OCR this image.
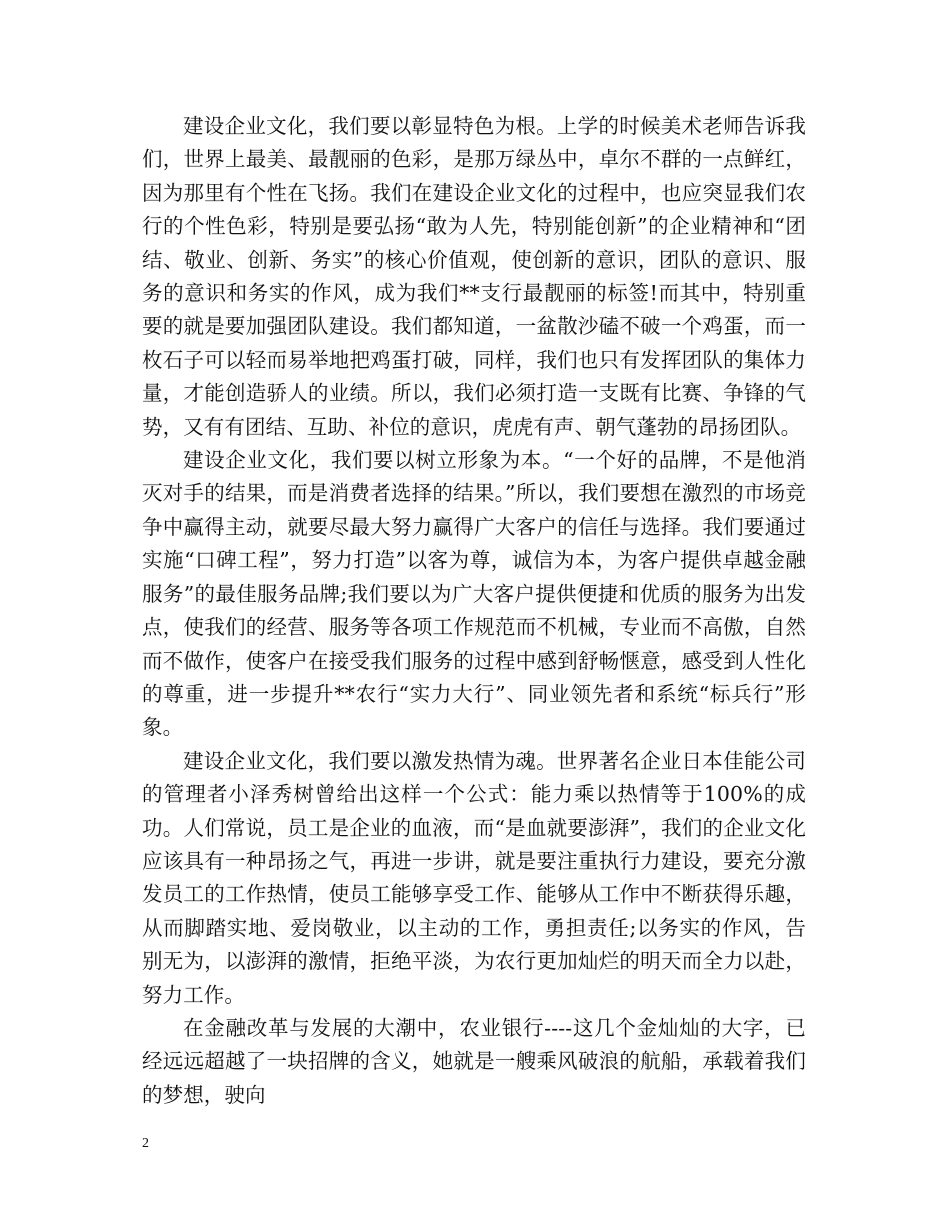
建设企业文化，我们要以彰显特色为根。上学的时候美术老师告诉我们，世界上最美、最靓丽的色彩，是那万绿丛中，卓尔不群的一点鲜红，因为那里有个性在飞扬。我们在建设企业文化的过程中，也应突显我们农行的个性色彩，特别是要弘扬“敢为人先，特别能创新”的企业精神和“团结、敬业、创新、务实”的核心价值观，使创新的意识，团队的意识、服务的意识和务实的作风，成为我们**支行最靓丽的标签!而其中，特别重要的就是要加强团队建设。我们都知道，一盆散沙磕不破一个鸡蛋，而一枚石子可以轻而易举地把鸡蛋打破，同样，我们也只有发挥团队的集体力量，才能创造骄人的业绩。所以，我们必须打造一支既有比赛、争锋的气势，又有有团结、互助、补位的意识，虎虎有声、朝气蓬勃的昂扬团队。

建设企业文化，我们要以树立形象为本。“一个好的品牌，不是他消灭对手的结果，而是消费者选择的结果。”所以，我们要想在激烈的市场竞争中赢得主动，就要尽最大努力赢得广大客户的信任与选择。我们要通过实施“口碑工程”，努力打造”以客为尊，诚信为本，为客户提供卓越金融服务”的最佳服务品牌;我们要以为广大客户提供便捷和优质的服务为出发点，使我们的经营、服务等各项工作规范而不机械，专业而不高傲，自然而不做作，使客户在接受我们服务的过程中感到舒畅惬意，感受到人性化的尊重，进一步提升**农行“实力大行”、同业领先者和系统“标兵行”形象。

建设企业文化，我们要以激发热情为魂。世界著名企业日本佳能公司的管理者小泽秀树曾给出这样一个公式：能力乘以热情等于100%的成功。人们常说，员工是企业的血液，而“是血就要澎湃”，我们的企业文化应该具有一种昂扬之气，再进一步讲，就是要注重执行力建设，要充分激发员工的工作热情，使员工能够享受工作、能够从工作中不断获得乐趣，从而脚踏实地、爱岗敬业，以主动的工作，勇担责任;以务实的作风，告别无为，以澎湃的激情，拒绝平淡，为农行更加灿烂的明天而全力以赴，努力工作。

在金融改革与发展的大潮中，农业银行----这几个金灿灿的大字，已经远远超越了一块招牌的含义，她就是一艘乘风破浪的航船，承载着我们的梦想，驶向

2
